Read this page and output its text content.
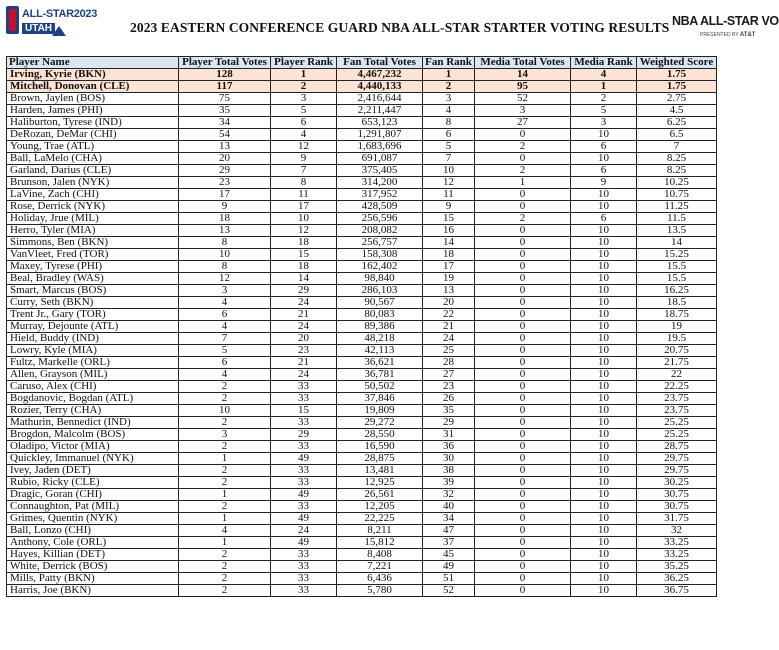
ALL-STAR2023
UTAH	2023 EASTERN CONFERENCE GUARD NBA ALL-STAR STARTER VOTING RESULTS NBA ALL-STAR VO
PRESENTED BY AT&T
Player Name	Player Total Votes	Player Rank	Fan Total Votes	Fan Rank	Media Total Votes	Media Rank	Weighted Score
Irving, Kyrie (BKN)	128	1	4,467,232	1	14	4	1.75
Mitchell, Donovan (CLE)	117	2	4,440,133	2	95	1	1.75
Brown, Jaylen (BOS)	75	3	2,416,644	3	52	2	2.75
Harden, James (PHI)	35	5	2,211,447	4	3	5	4.5
Haliburton, Tyrese (IND)	34	6	653,123	8	27	3	6.25
DeRozan, DeMar (CHI)	54	4	1,291,807	6	0	10	6.5
Young, Trae (ATL)	13	12	1,683,696	5	2	6	7
Ball, LaMelo (CHA)	20	9	691,087	7	0	10	8.25
Garland, Darius (CLE)	29	7	375,405	10	2	6	8.25
Brunson, Jalen (NYK)	23	8	314,200	12	1	9	10.25
LaVine, Zach (CHI)	17	11	317,952	11	0	10	10.75
Rose, Derrick (NYK)	9	17	428,509	9	0	10	11.25
Holiday, Jrue (MIL)	18	10	256,596	15	2	6	11.5
Herro, Tyler (MIA)	13	12	208,082	16	0	10	13.5
Simmons, Ben (BKN)	8	18	256,757	14	0	10	14
VanVleet, Fred (TOR)	10	15	158,308	18	0	10	15.25
Maxey, Tyrese (PHI)	8	18	162,402	17	0	10	15.5
Beal, Bradley (WAS)	12	14	98,840	19	0	10	15.5
Smart, Marcus (BOS)	3	29	286,103	13	0	10	16.25
Curry, Seth (BKN)	4	24	90,567	20	0	10	18.5
Trent Jr., Gary (TOR)	6	21	80,083	22	0	10	18.75
Murray, Dejounte (ATL)	4	24	89,386	21	0	10	19
Hield, Buddy (IND)	7	20	48,218	24	0	10	19.5
Lowry, Kyle (MIA)	5	23	42,113	25	0	10	20.75
Fultz, Markelle (ORL)	6	21	36,621	28	0	10	21.75
Allen, Grayson (MIL)	4	24	36,781	27	0	10	22
Caruso, Alex (CHI)	2	33	50,502	23	0	10	22.25
Bogdanovic, Bogdan (ATL)	2	33	37,846	26	0	10	23.75
Rozier, Terry (CHA)	10	15	19,809	35	0	10	23.75
Mathurin, Bennedict (IND)	2	33	29,272	29	0	10	25.25
Brogdon, Malcolm (BOS)	3	29	28,550	31	0	10	25.25
Oladipo, Victor (MIA)	2	33	16,590	36	0	10	28.75
Quickley, Immanuel (NYK)	1	49	28,875	30	0	10	29.75
Ivey, Jaden (DET)	2	33	13,481	38	0	10	29.75
Rubio, Ricky (CLE)	2	33	12,925	39	0	10	30.25
Dragic, Goran (CHI)	1	49	26,561	32	0	10	30.75
Connaughton, Pat (MIL)	2	33	12,205	40	0	10	30.75
Grimes, Quentin (NYK)	1	49	22,225	34	0	10	31.75
Ball, Lonzo (CHI)	4	24	8,211	47	0	10	32
Anthony, Cole (ORL)	1	49	15,812	37	0	10	33.25
Hayes, Killian (DET)	2	33	8,408	45	0	10	33.25
White, Derrick (BOS)	2	33	7,221	49	0	10	35.25
Mills, Patty (BKN)	2	33	6,436	51	0	10	36.25
Harris, Joe (BKN)	2	33	5,780	52	0	10	36.75
